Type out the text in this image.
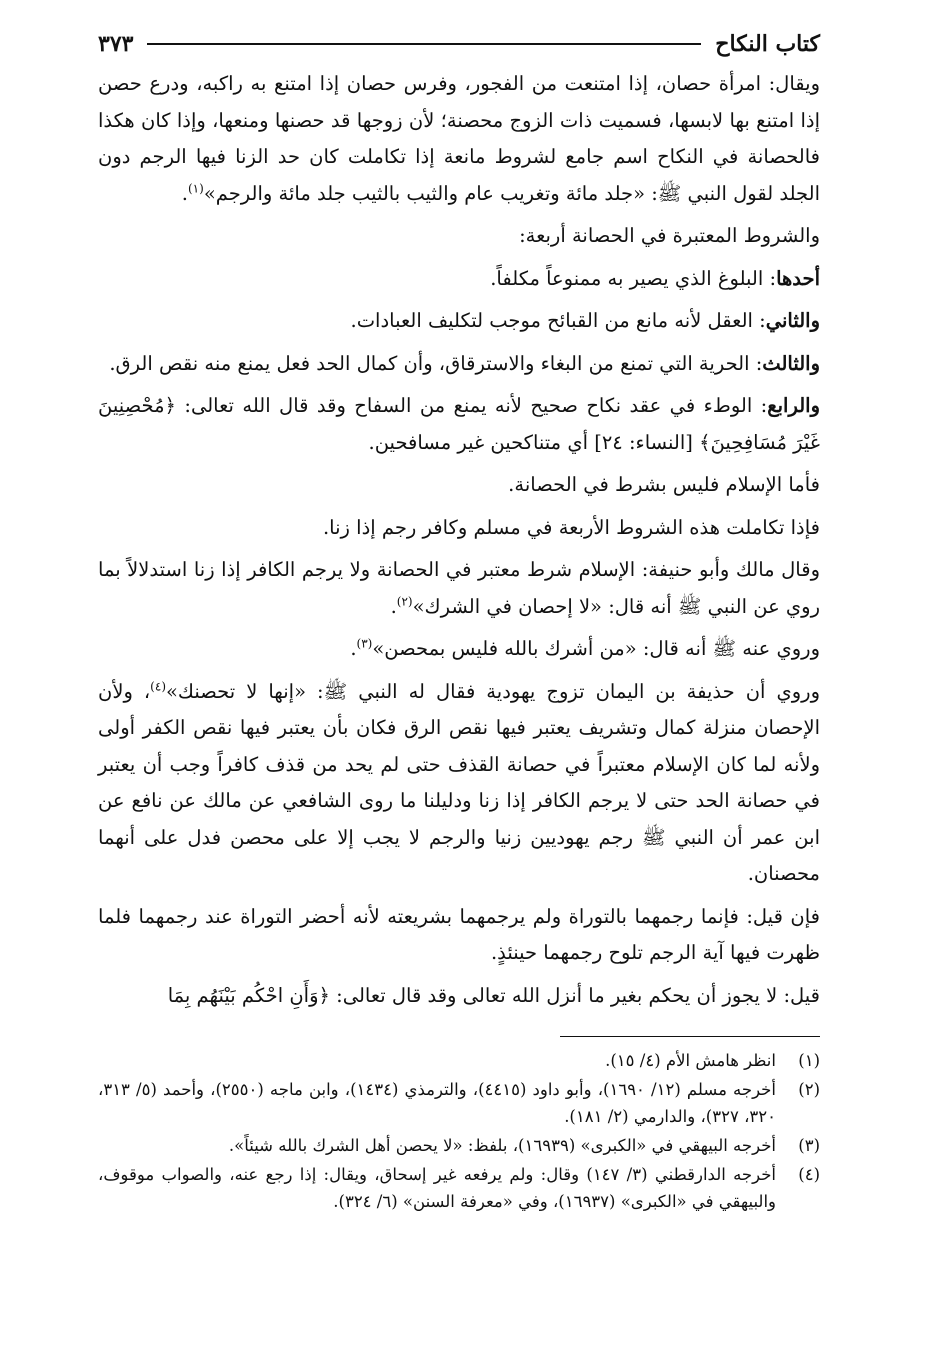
كتاب النكاح
٣٧٣

ويقال: امرأة حصان، إذا امتنعت من الفجور، وفرس حصان إذا امتنع به راكبه، ودرع حصن إذا امتنع بها لابسها، فسميت ذات الزوج محصنة؛ لأن زوجها قد حصنها ومنعها، وإذا كان هكذا فالحصانة في النكاح اسم جامع لشروط مانعة إذا تكاملت كان حد الزنا فيها الرجم دون الجلد لقول النبي ﷺ: «جلد مائة وتغريب عام والثيب بالثيب جلد مائة والرجم»$^{(١)}$.

والشروط المعتبرة في الحصانة أربعة:

أحدها: البلوغ الذي يصير به ممنوعاً مكلفاً.

والثاني: العقل لأنه مانع من القبائح موجب لتكليف العبادات.

والثالث: الحرية التي تمنع من البغاء والاسترقاق، وأن كمال الحد فعل يمنع منه نقص الرق.

والرابع: الوطء في عقد نكاح صحيح لأنه يمنع من السفاح وقد قال الله تعالى: ﴿مُحْصِنِينَ غَيْرَ مُسَافِحِينَ﴾ [النساء: ٢٤] أي متناكحين غير مسافحين.

فأما الإسلام فليس بشرط في الحصانة.

فإذا تكاملت هذه الشروط الأربعة في مسلم وكافر رجم إذا زنا.

وقال مالك وأبو حنيفة: الإسلام شرط معتبر في الحصانة ولا يرجم الكافر إذا زنا استدلالاً بما روي عن النبي ﷺ أنه قال: «لا إحصان في الشرك»$^{(٢)}$.

وروي عنه ﷺ أنه قال: «من أشرك بالله فليس بمحصن»$^{(٣)}$.

وروي أن حذيفة بن اليمان تزوج يهودية فقال له النبي ﷺ: «إنها لا تحصنك»$^{(٤)}$، ولأن الإحصان منزلة كمال وتشريف يعتبر فيها نقص الرق فكان بأن يعتبر فيها نقص الكفر أولى ولأنه لما كان الإسلام معتبراً في حصانة القذف حتى لم يحد من قذف كافراً وجب أن يعتبر في حصانة الحد حتى لا يرجم الكافر إذا زنا ودليلنا ما روى الشافعي عن مالك عن نافع عن ابن عمر أن النبي ﷺ رجم يهوديين زنيا والرجم لا يجب إلا على محصن فدل على أنهما محصنان.

فإن قيل: فإنما رجمهما بالتوراة ولم يرجمهما بشريعته لأنه أحضر التوراة عند رجمهما فلما ظهرت فيها آية الرجم تلوح رجمهما حينئذٍ.

قيل: لا يجوز أن يحكم بغير ما أنزل الله تعالى وقد قال تعالى: ﴿وَأَنِ احْكُم بَيْنَهُم بِمَا

(١)
انظر هامش الأم (٤/ ١٥).
(٢)
أخرجه مسلم (١٢/ ١٦٩٠)، وأبو داود (٤٤١٥)، والترمذي (١٤٣٤)، وابن ماجه (٢٥٥٠)، وأحمد (٥/ ٣١٣، ٣٢٠، ٣٢٧)، والدارمي (٢/ ١٨١).
(٣)
أخرجه البيهقي في «الكبرى» (١٦٩٣٩)، بلفظ: «لا يحصن أهل الشرك بالله شيئاً».
(٤)
أخرجه الدارقطني (٣/ ١٤٧) وقال: ولم يرفعه غير إسحاق، ويقال: إذا رجع عنه، والصواب موقوف، والبيهقي في «الكبرى» (١٦٩٣٧)، وفي «معرفة السنن» (٦/ ٣٢٤).
